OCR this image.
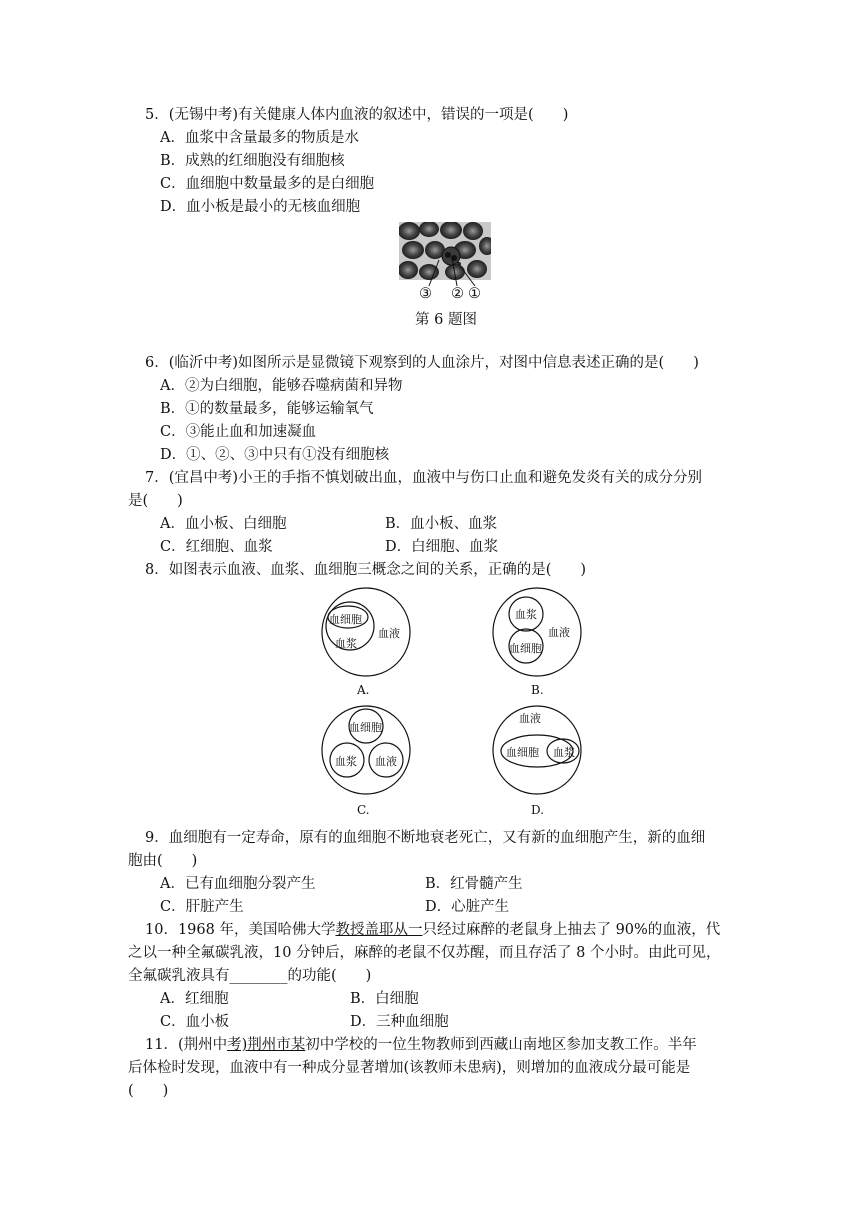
5．(无锡中考)有关健康人体内血液的叙述中，错误的一项是(　　)
A．血浆中含量最多的物质是水
B．成熟的红细胞没有细胞核
C．血细胞中数量最多的是白细胞
D．血小板是最小的无核血细胞
③ ② ①
第 6 题图
6．(临沂中考)如图所示是显微镜下观察到的人血涂片，对图中信息表述正确的是(　　)
A．②为白细胞，能够吞噬病菌和异物
B．①的数量最多，能够运输氧气
C．③能止血和加速凝血
D．①、②、③中只有①没有细胞核
7．(宜昌中考)小王的手指不慎划破出血，血液中与伤口止血和避免发炎有关的成分分别
是(　　)
A．血小板、白细胞	B．血小板、血浆
C．红细胞、血浆	D．白细胞、血浆
8．如图表示血液、血浆、血细胞三概念之间的关系，正确的是(　　)
血细胞
血浆
血液
A.
血浆
血细胞
血液
B.
血细胞
血浆 血液
C.
血液
血细胞 血浆
D.
9．血细胞有一定寿命，原有的血细胞不断地衰老死亡，又有新的血细胞产生，新的血细
胞由(　　)
A．已有血细胞分裂产生	B．红骨髓产生
C．肝脏产生	D．心脏产生
10．1968 年，美国哈佛大学教授盖耶从一只经过麻醉的老鼠身上抽去了 90%的血液，代
之以一种全氟碳乳液，10 分钟后，麻醉的老鼠不仅苏醒，而且存活了 8 个小时。由此可见，
全氟碳乳液具有________的功能(　　)
A．红细胞	B．白细胞
C．血小板	D．三种血细胞
11．(荆州中考)荆州市某初中学校的一位生物教师到西藏山南地区参加支教工作。半年
后体检时发现，血液中有一种成分显著增加(该教师未患病)，则增加的血液成分最可能是
(　　)
